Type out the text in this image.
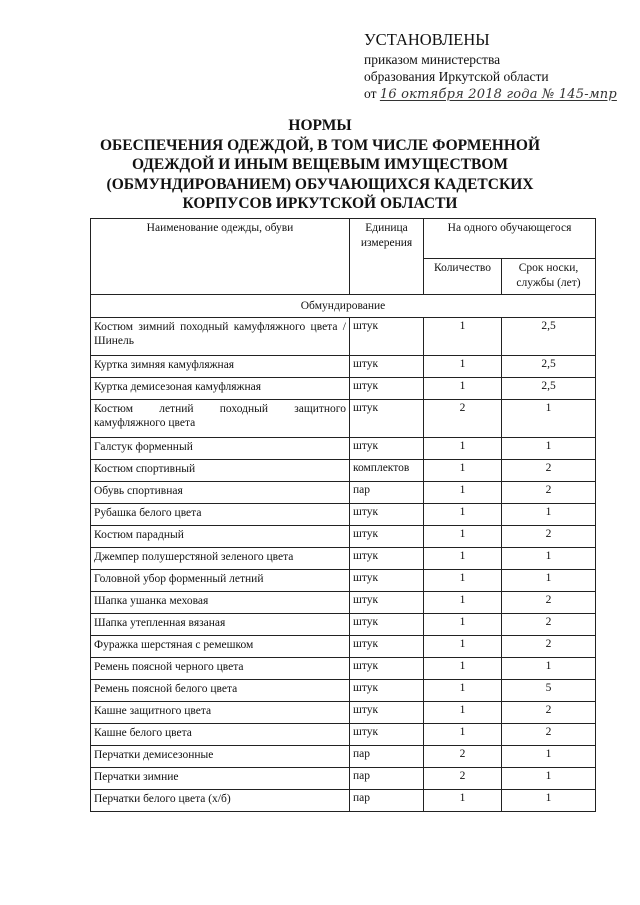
УСТАНОВЛЕНЫ
приказом министерства
образования Иркутской области
от 16 октября 2018 года № 145-мпр
НОРМЫ
ОБЕСПЕЧЕНИЯ ОДЕЖДОЙ, В ТОМ ЧИСЛЕ ФОРМЕННОЙ
ОДЕЖДОЙ И ИНЫМ ВЕЩЕВЫМ ИМУЩЕСТВОМ
(ОБМУНДИРОВАНИЕМ) ОБУЧАЮЩИХСЯ КАДЕТСКИХ
КОРПУСОВ ИРКУТСКОЙ ОБЛАСТИ
Наименование одежды, обуви	Единица измерения	На одного обучающегося	
		Количество	Срок носки, службы (лет)
Обмундирование			
Костюм зимний походный камуфляжного цвета / Шинель	штук	1	2,5
Куртка зимняя камуфляжная	штук	1	2,5
Куртка демисезоная камуфляжная	штук	1	2,5
Костюм летний походный защитного камуфляжного цвета	штук	2	1
Галстук форменный	штук	1	1
Костюм спортивный	комплектов	1	2
Обувь спортивная	пар	1	2
Рубашка белого цвета	штук	1	1
Костюм парадный	штук	1	2
Джемпер полушерстяной зеленого цвета	штук	1	1
Головной убор форменный летний	штук	1	1
Шапка ушанка меховая	штук	1	2
Шапка утепленная вязаная	штук	1	2
Фуражка шерстяная с ремешком	штук	1	2
Ремень поясной черного цвета	штук	1	1
Ремень поясной белого цвета	штук	1	5
Кашне защитного цвета	штук	1	2
Кашне белого цвета	штук	1	2
Перчатки демисезонные	пар	2	1
Перчатки зимние	пар	2	1
Перчатки белого цвета (х/б)	пар	1	1
